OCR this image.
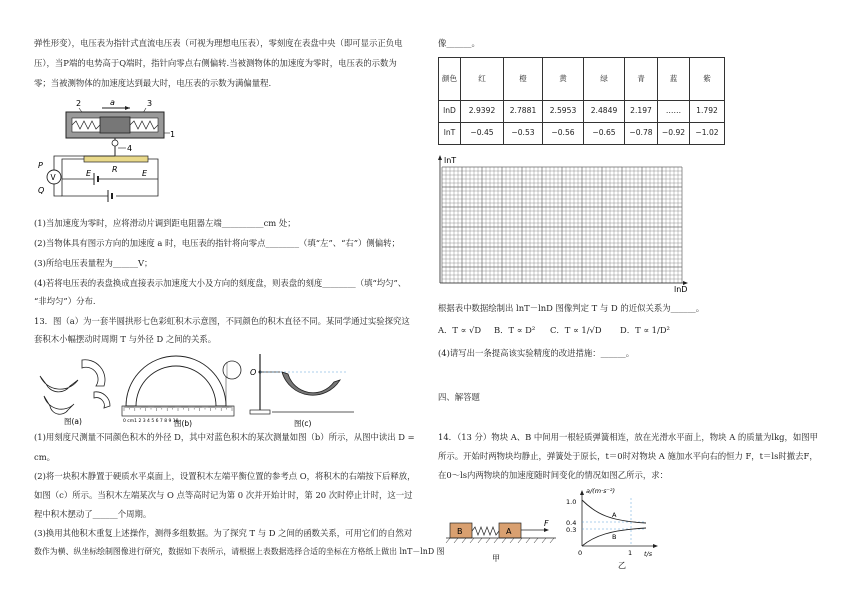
弹性形变），电压表为指针式直流电压表（可视为理想电压表），零刻度在表盘中央（即可显示正负电
压），当P端的电势高于Q端时，指针向零点右侧偏转.当被测物体的加速度为零时，电压表的示数为
零；当被测物体的加速度达到最大时，电压表的示数为满偏量程.
2	a	3
1
4
R
E	E
V
P
Q
(1)当加速度为零时，应将滑动片调到距电阻器左端__________cm 处；
(2)当物体具有图示方向的加速度 a 时，电压表的指针将向零点________（填“左”、“右”）侧偏转；
(3)所给电压表量程为______V；
(4)若将电压表的表盘换成直接表示加速度大小及方向的刻度盘，则表盘的刻度________（填“均匀”、
“非均匀”）分布.
13．图（a）为一套半圆拱形七色彩虹积木示意图，不同颜色的积木直径不同。某同学通过实验探究这
套积木小幅摆动时周期 T 与外径 D 之间的关系。
图(a)	0 cm1 2 3 4 5 6 7 8 9 10
图(b)
O
图(c)
(1)用刻度尺测量不同颜色积木的外径 D，其中对蓝色积木的某次测量如图（b）所示，从图中读出 D =
cm。
(2)将一块积木静置于硬质水平桌面上，设置积木左端平衡位置的参考点 O，将积木的右端按下后释放，
如图（c）所示。当积木左端某次与 O 点等高时记为第 0 次并开始计时，第 20 次时停止计时，这一过
程中积木摆动了______个周期。
(3)换用其他积木重复上述操作，测得多组数据。为了探究 T 与 D 之间的函数关系，可用它们的自然对
数作为横、纵坐标绘制图像进行研究，数据如下表所示，请根据上表数据选择合适的坐标在方格纸上做出 lnT－lnD 图
像______。
颜色	红	橙	黄	绿	青	蓝	紫
lnD	2.9392	2.7881	2.5953	2.4849	2.197	……	1.792
lnT	−0.45	−0.53	−0.56	−0.65	−0.78	−0.92	−1.02
lnT
lnD
根据表中数据绘制出 lnT－lnD 图像判定 T 与 D 的近似关系为______。
A．T ∝ √D B．T ∝ D² C．T ∝ 1/√D D．T ∝ 1/D²
(4)请写出一条提高该实验精度的改进措施：______。
四、解答题
14．（13 分）物块 A、B 中间用一根轻质弹簧相连，放在光滑水平面上，物块 A 的质量为lkg，如图甲
所示。开始时两物块均静止，弹簧处于原长，t＝0时对物块 A 施加水平向右的恒力 F，t＝ls时撤去F，
在0～ls内两物块的加速度随时间变化的情况如图乙所示，求：
B	A
F
甲
a/(m·s⁻²)
1.0
0.4
0.3
0	1 t/s
A
B
乙
